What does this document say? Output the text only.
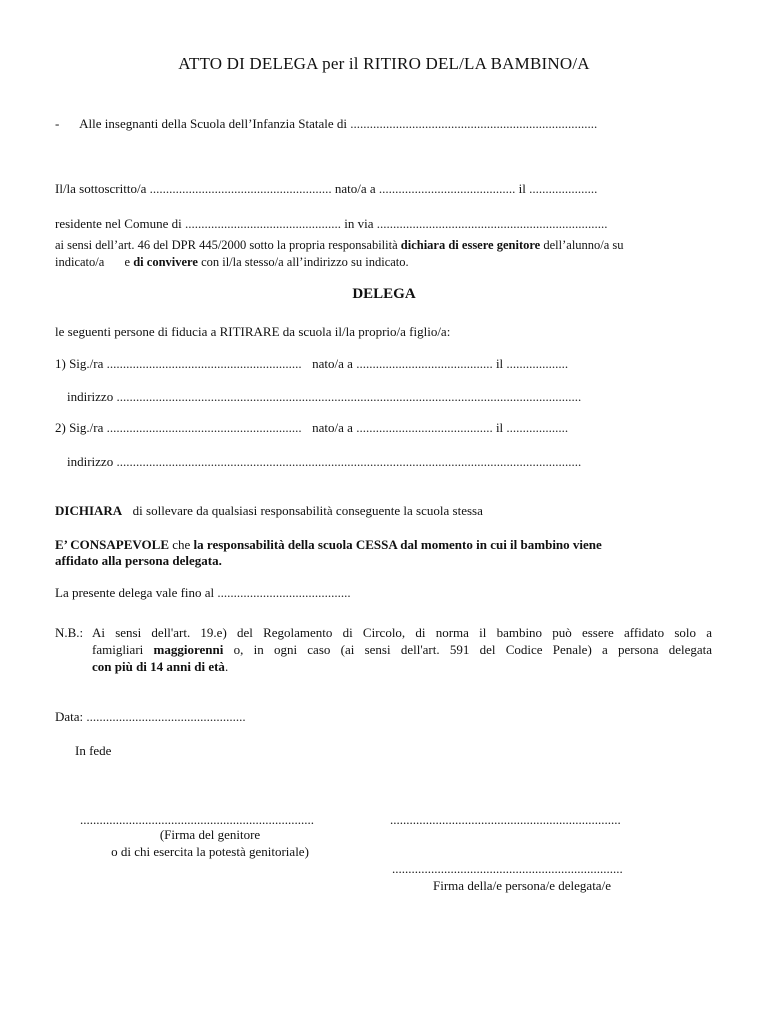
ATTO DI DELEGA per il RITIRO DEL/LA BAMBINO/A
- Alle insegnanti della Scuola dell’Infanzia Statale di ............................................................................
Il/la sottoscritto/a ........................................................ nato/a a .......................................... il .....................
residente nel Comune di ................................................ in via .......................................................................
ai sensi dell’art. 46 del DPR 445/2000 sotto la propria responsabilità dichiara di essere genitore dell’alunno/a su
indicato/a e di convivere con il/la stesso/a all’indirizzo su indicato.
DELEGA
le seguenti persone di fiducia a RITIRARE da scuola il/la proprio/a figlio/a:
1) Sig./ra ............................................................ nato/a a .......................................... il ...................
indirizzo ...............................................................................................................................................
2) Sig./ra ............................................................ nato/a a .......................................... il ...................
indirizzo ...............................................................................................................................................
DICHIARA di sollevare da qualsiasi responsabilità conseguente la scuola stessa
E’ CONSAPEVOLE che la responsabilità della scuola CESSA dal momento in cui il bambino viene
affidato alla persona delegata.
La presente delega vale fino al .........................................
N.B.: Ai sensi dell'art. 19.e) del Regolamento di Circolo, di norma il bambino può essere affidato solo a
famigliari maggiorenni o, in ogni caso (ai sensi dell'art. 591 del Codice Penale) a persona delegata
con più di 14 anni di età.
Data: .................................................
In fede
........................................................................	.......................................................................
(Firma del genitore
o di chi esercita la potestà genitoriale)
.......................................................................
Firma della/e persona/e delegata/e
